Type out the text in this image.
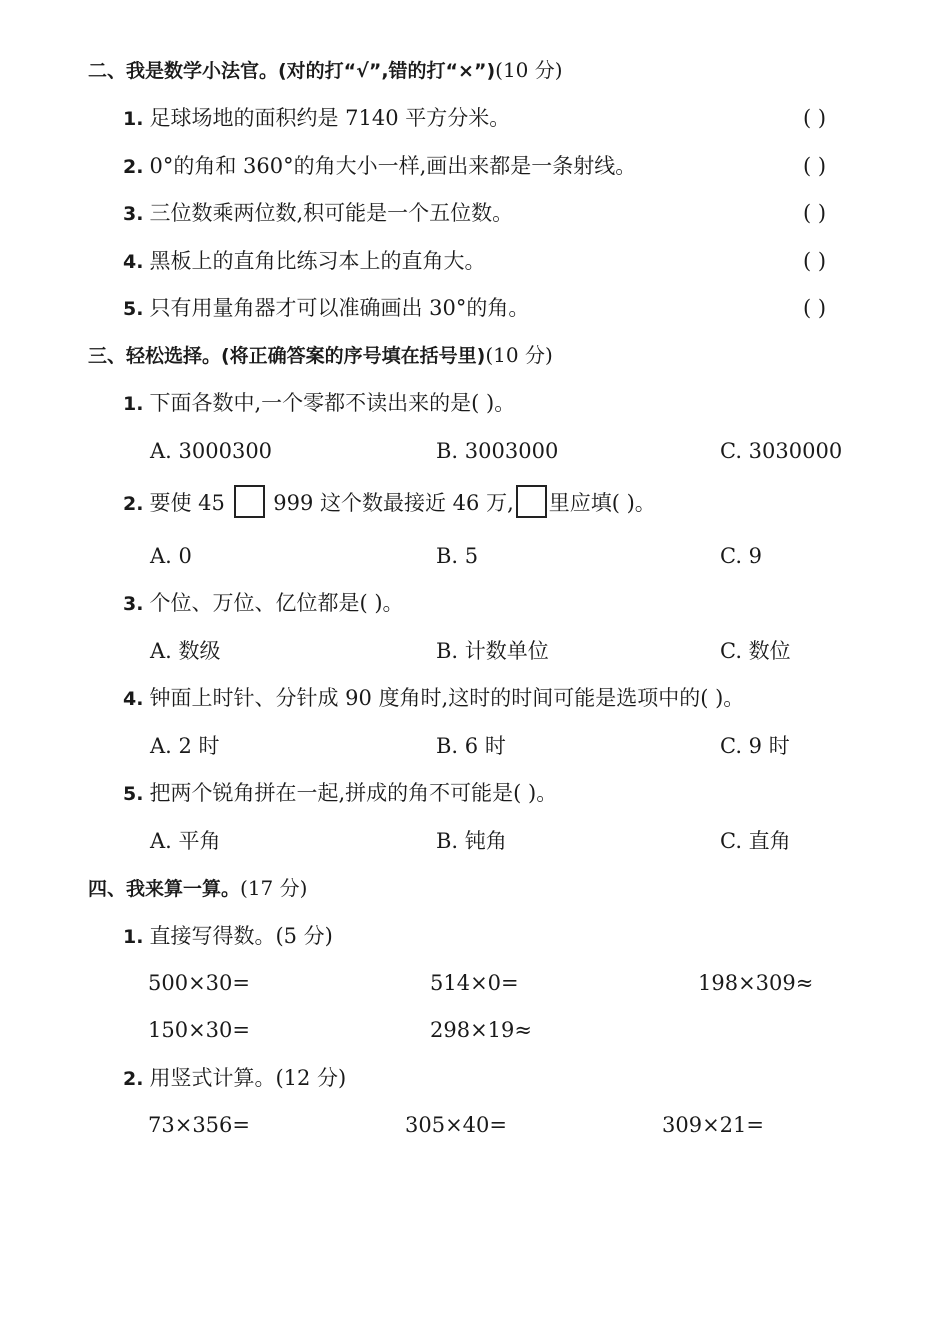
二、我是数学小法官。(对的打“√”,错的打“×”)(10 分)
1. 足球场地的面积约是 7140 平方分米。	( )
2. 0°的角和 360°的角大小一样,画出来都是一条射线。	( )
3. 三位数乘两位数,积可能是一个五位数。	( )
4. 黑板上的直角比练习本上的直角大。	( )
5. 只有用量角器才可以准确画出 30°的角。	( )
三、轻松选择。(将正确答案的序号填在括号里)(10 分)
1. 下面各数中,一个零都不读出来的是( )。
A. 3000300	B. 3003000	C. 3030000
2. 要使 45 999 这个数最接近 46 万, 里应填( )。
A. 0	B. 5	C. 9
3. 个位、万位、亿位都是( )。
A. 数级	B. 计数单位	C. 数位
4. 钟面上时针、分针成 90 度角时,这时的时间可能是选项中的( )。
A. 2 时	B. 6 时	C. 9 时
5. 把两个锐角拼在一起,拼成的角不可能是( )。
A. 平角	B. 钝角	C. 直角
四、我来算一算。(17 分)
1. 直接写得数。(5 分)
500×30=	514×0=	198×309≈
150×30=	298×19≈
2. 用竖式计算。(12 分)
73×356=	305×40=	309×21=
